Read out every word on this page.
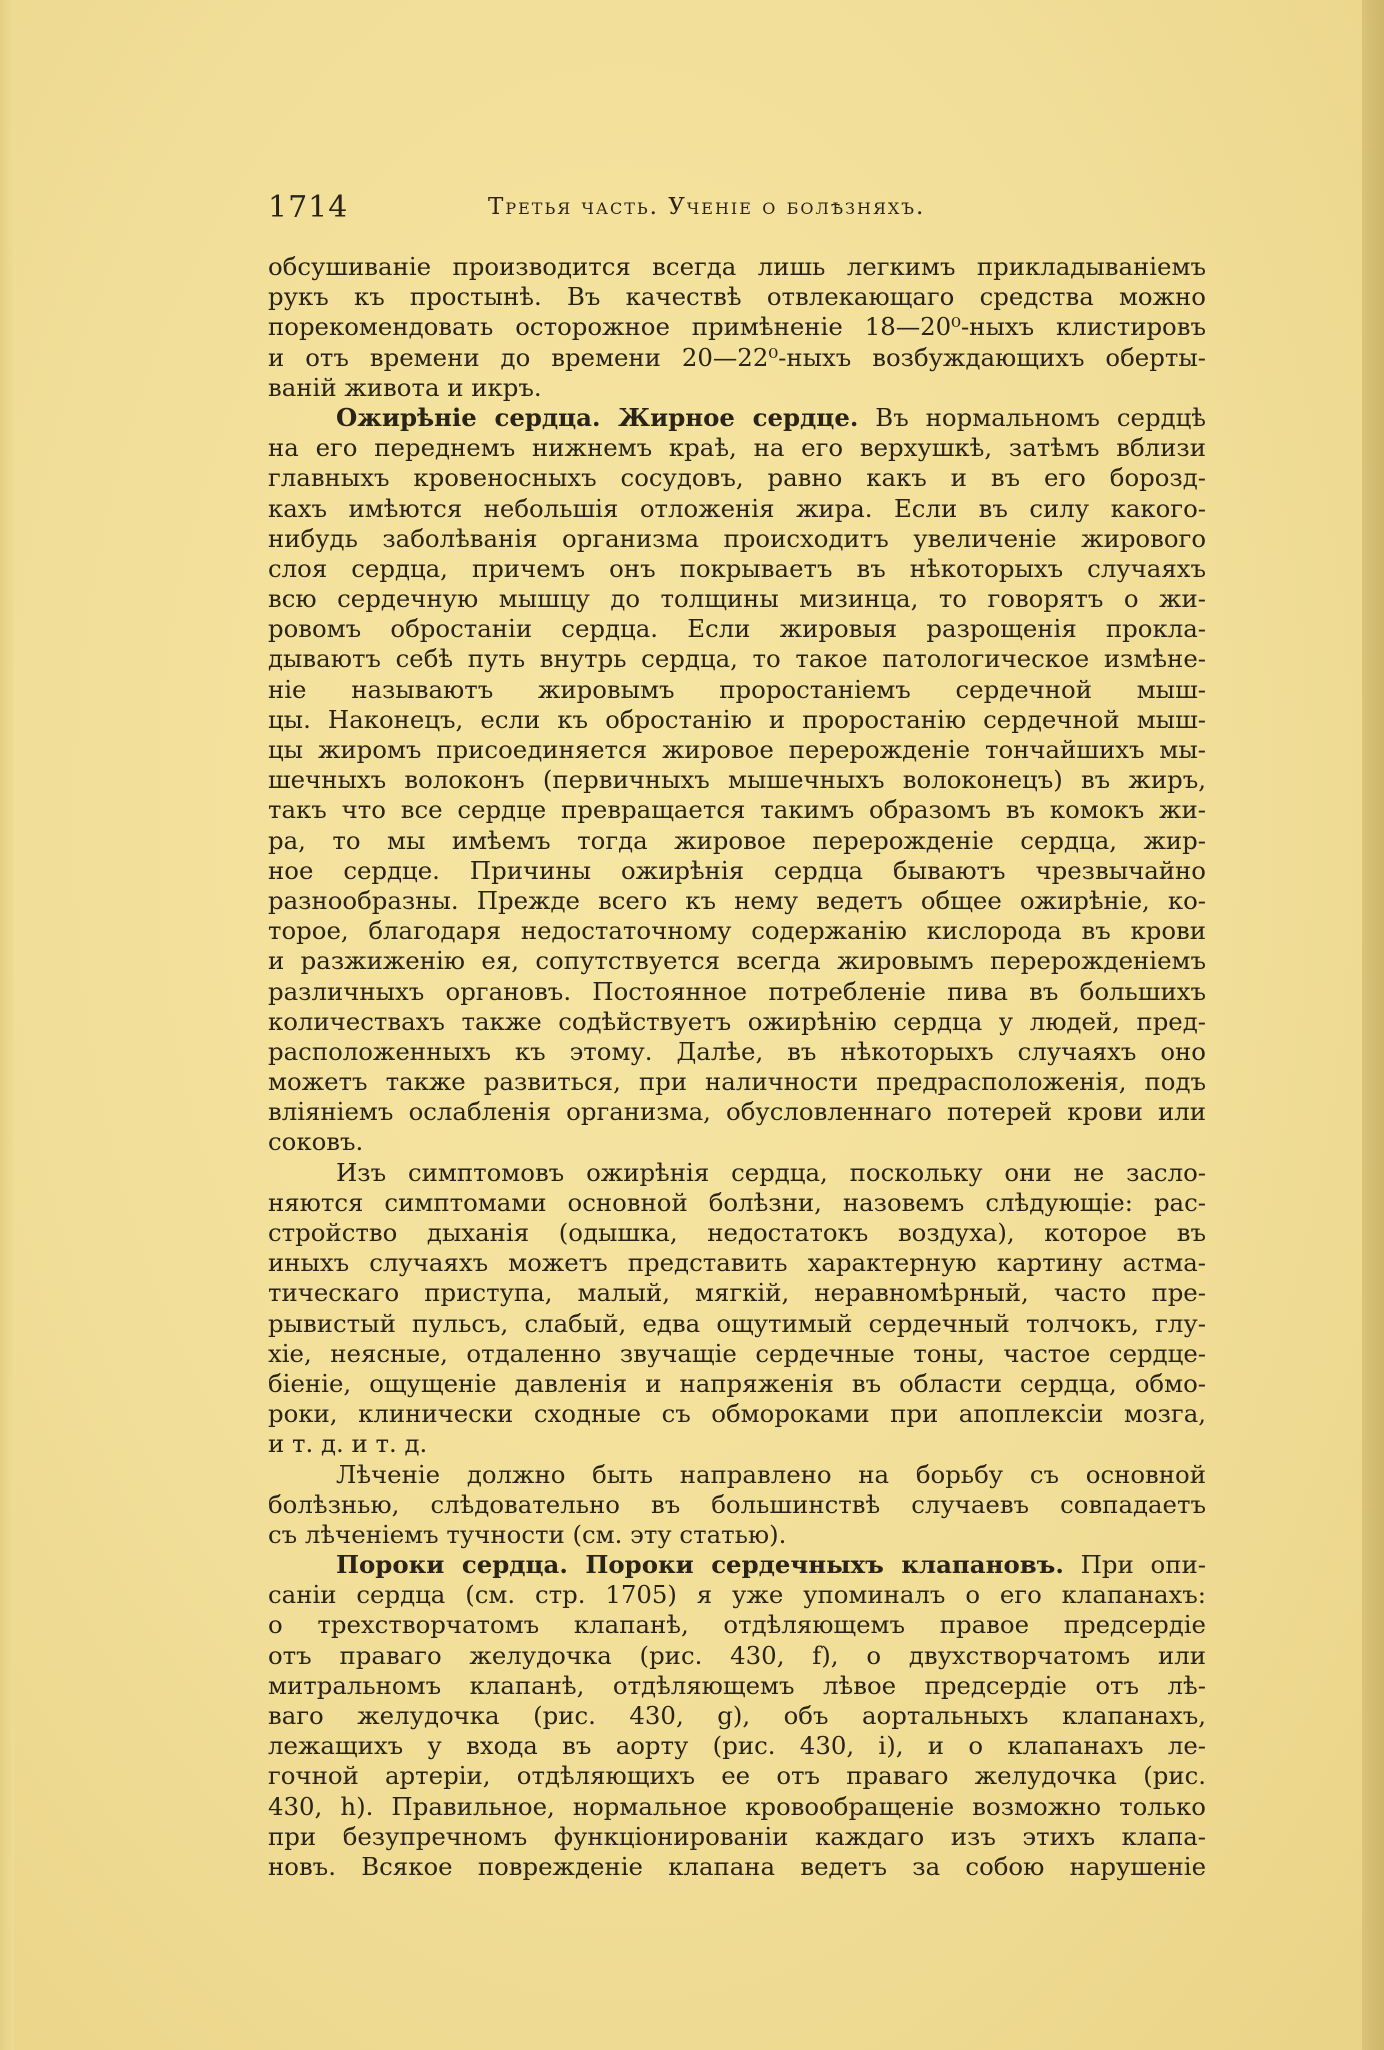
1714	Третья часть. Ученіе о болѣзняхъ.
обсушиваніе производится всегда лишь легкимъ прикладываніемъ
рукъ къ простынѣ. Въ качествѣ отвлекающаго средства можно
порекомендовать осторожное примѣненіе 18—20⁰-ныхъ клистировъ
и отъ времени до времени 20—22⁰-ныхъ возбуждающихъ оберты-
ваній живота и икръ.
Ожирѣніе сердца. Жирное сердце. Въ нормальномъ сердцѣ
на его переднемъ нижнемъ краѣ, на его верхушкѣ, затѣмъ вблизи
главныхъ кровеносныхъ сосудовъ, равно какъ и въ его борозд-
кахъ имѣются небольшія отложенія жира. Если въ силу какого-
нибудь заболѣванія организма происходитъ увеличеніе жирового
слоя сердца, причемъ онъ покрываетъ въ нѣкоторыхъ случаяхъ
всю сердечную мышцу до толщины мизинца, то говорятъ о жи-
ровомъ обростаніи сердца. Если жировыя разрощенія прокла-
дываютъ себѣ путь внутрь сердца, то такое патологическое измѣне-
ніе называютъ жировымъ проростаніемъ сердечной мыш-
цы. Наконецъ, если къ обростанію и проростанію сердечной мыш-
цы жиромъ присоединяется жировое перерожденіе тончайшихъ мы-
шечныхъ волоконъ (первичныхъ мышечныхъ волоконецъ) въ жиръ,
такъ что все сердце превращается такимъ образомъ въ комокъ жи-
ра, то мы имѣемъ тогда жировое перерожденіе сердца, жир-
ное сердце. Причины ожирѣнія сердца бываютъ чрезвычайно
разнообразны. Прежде всего къ нему ведетъ общее ожирѣніе, ко-
торое, благодаря недостаточному содержанію кислорода въ крови
и разжиженію ея, сопутствуется всегда жировымъ перерожденіемъ
различныхъ органовъ. Постоянное потребленіе пива въ большихъ
количествахъ также содѣйствуетъ ожирѣнію сердца у людей, пред-
расположенныхъ къ этому. Далѣе, въ нѣкоторыхъ случаяхъ оно
можетъ также развиться, при наличности предрасположенія, подъ
вліяніемъ ослабленія организма, обусловленнаго потерей крови или
соковъ.
Изъ симптомовъ ожирѣнія сердца, поскольку они не засло-
няются симптомами основной болѣзни, назовемъ слѣдующіе: рас-
стройство дыханія (одышка, недостатокъ воздуха), которое въ
иныхъ случаяхъ можетъ представить характерную картину астма-
тическаго приступа, малый, мягкій, неравномѣрный, часто пре-
рывистый пульсъ, слабый, едва ощутимый сердечный толчокъ, глу-
хіе, неясные, отдаленно звучащіе сердечные тоны, частое сердце-
біеніе, ощущеніе давленія и напряженія въ области сердца, обмо-
роки, клинически сходные съ обмороками при апоплексіи мозга,
и т. д. и т. д.
Лѣченіе должно быть направлено на борьбу съ основной
болѣзнью, слѣдовательно въ большинствѣ случаевъ совпадаетъ
съ лѣченіемъ тучности (см. эту статью).
Пороки сердца. Пороки сердечныхъ клапановъ. При опи-
саніи сердца (см. стр. 1705) я уже упоминалъ о его клапанахъ:
о трехстворчатомъ клапанѣ, отдѣляющемъ правое предсердіе
отъ праваго желудочка (рис. 430, f), о двухстворчатомъ или
митральномъ клапанѣ, отдѣляющемъ лѣвое предсердіе отъ лѣ-
ваго желудочка (рис. 430, g), объ аортальныхъ клапанахъ,
лежащихъ у входа въ аорту (рис. 430, i), и о клапанахъ ле-
гочной артеріи, отдѣляющихъ ее отъ праваго желудочка (рис.
430, h). Правильное, нормальное кровообращеніе возможно только
при безупречномъ функціонированіи каждаго изъ этихъ клапа-
новъ. Всякое поврежденіе клапана ведетъ за собою нарушеніе
